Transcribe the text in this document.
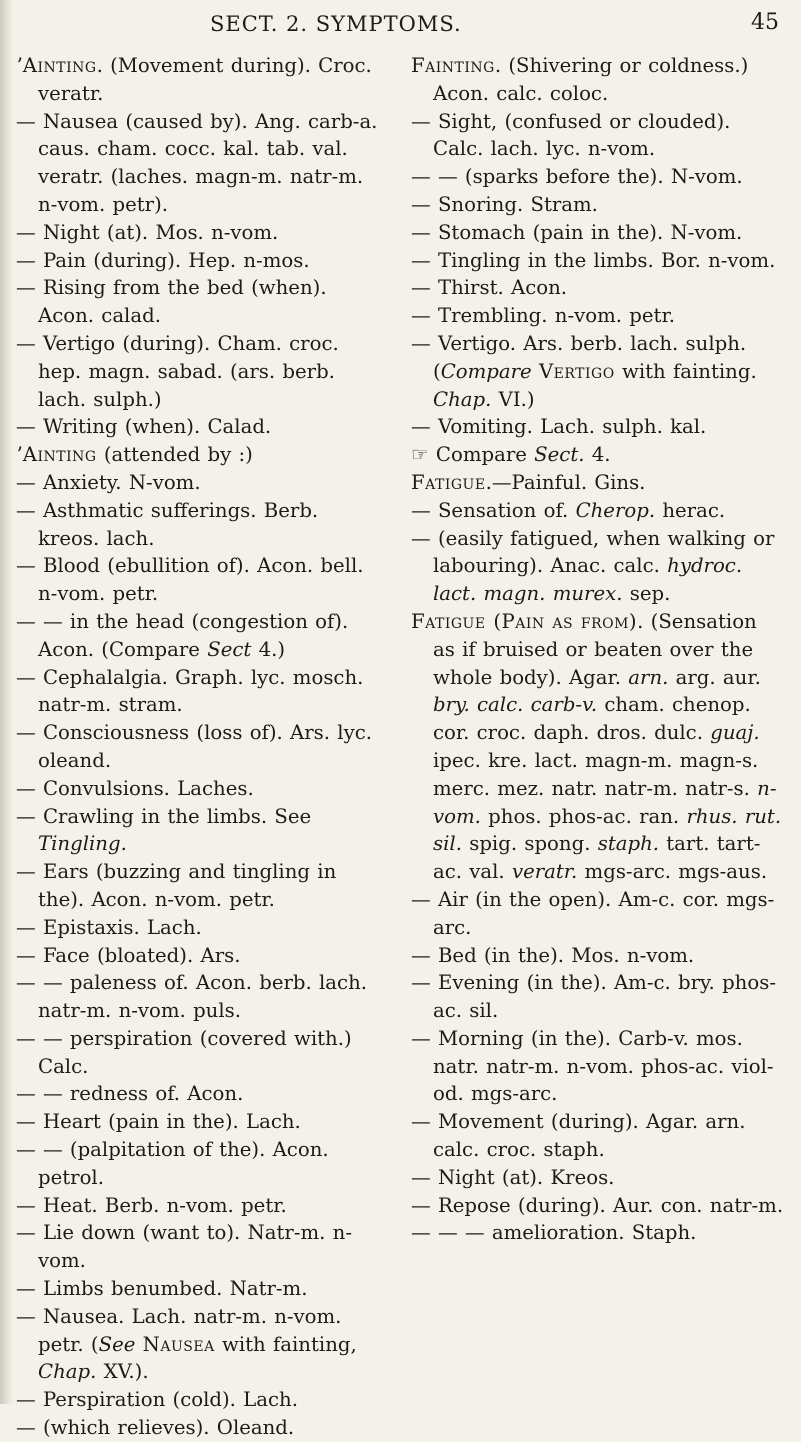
SECT. 2. SYMPTOMS.	45

ʼAinting. (Movement during). Croc. veratr.

— Nausea (caused by). Ang. carb-a. caus. cham. cocc. kal. tab. val. veratr. (laches. magn-m. natr-m. n-vom. petr).

— Night (at). Mos. n-vom.

— Pain (during). Hep. n-mos.

— Rising from the bed (when). Acon. calad.

— Vertigo (during). Cham. croc. hep. magn. sabad. (ars. berb. lach. sulph.)

— Writing (when). Calad.

ʼAinting (attended by :)

— Anxiety. N-vom.

— Asthmatic sufferings. Berb. kreos. lach.

— Blood (ebullition of). Acon. bell. n-vom. petr.

— — in the head (congestion of). Acon. (Compare Sect 4.)

— Cephalalgia. Graph. lyc. mosch. natr-m. stram.

— Consciousness (loss of). Ars. lyc. oleand.

— Convulsions. Laches.

— Crawling in the limbs. See Tingling.

— Ears (buzzing and tingling in the). Acon. n-vom. petr.

— Epistaxis. Lach.

— Face (bloated). Ars.

— — paleness of. Acon. berb. lach. natr-m. n-vom. puls.

— — perspiration (covered with.) Calc.

— — redness of. Acon.

— Heart (pain in the). Lach.

— — (palpitation of the). Acon. petrol.

— Heat. Berb. n-vom. petr.

— Lie down (want to). Natr-m. n-vom.

— Limbs benumbed. Natr-m.

— Nausea. Lach. natr-m. n-vom. petr. (See Nausea with fainting, Chap. XV.).

— Perspiration (cold). Lach.

— (which relieves). Oleand.

Fainting. (Shivering or coldness.) Acon. calc. coloc.

— Sight, (confused or clouded). Calc. lach. lyc. n-vom.

— — (sparks before the). N-vom.

— Snoring. Stram.

— Stomach (pain in the). N-vom.

— Tingling in the limbs. Bor. n-vom.

— Thirst. Acon.

— Trembling. n-vom. petr.

— Vertigo. Ars. berb. lach. sulph. (Compare Vertigo with fainting. Chap. VI.)

— Vomiting. Lach. sulph. kal.

☞ Compare Sect. 4.

Fatigue.—Painful. Gins.

— Sensation of. Cherop. herac.

— (easily fatigued, when walking or labouring). Anac. calc. hydroc. lact. magn. murex. sep.

Fatigue (Pain as from). (Sensation as if bruised or beaten over the whole body). Agar. arn. arg. aur. bry. calc. carb-v. cham. chenop. cor. croc. daph. dros. dulc. guaj. ipec. kre. lact. magn-m. magn-s. merc. mez. natr. natr-m. natr-s. n-vom. phos. phos-ac. ran. rhus. rut. sil. spig. spong. staph. tart. tart-ac. val. veratr. mgs-arc. mgs-aus.

— Air (in the open). Am-c. cor. mgs-arc.

— Bed (in the). Mos. n-vom.

— Evening (in the). Am-c. bry. phos-ac. sil.

— Morning (in the). Carb-v. mos. natr. natr-m. n-vom. phos-ac. viol-od. mgs-arc.

— Movement (during). Agar. arn. calc. croc. staph.

— Night (at). Kreos.

— Repose (during). Aur. con. natr-m.

— — — amelioration. Staph.
